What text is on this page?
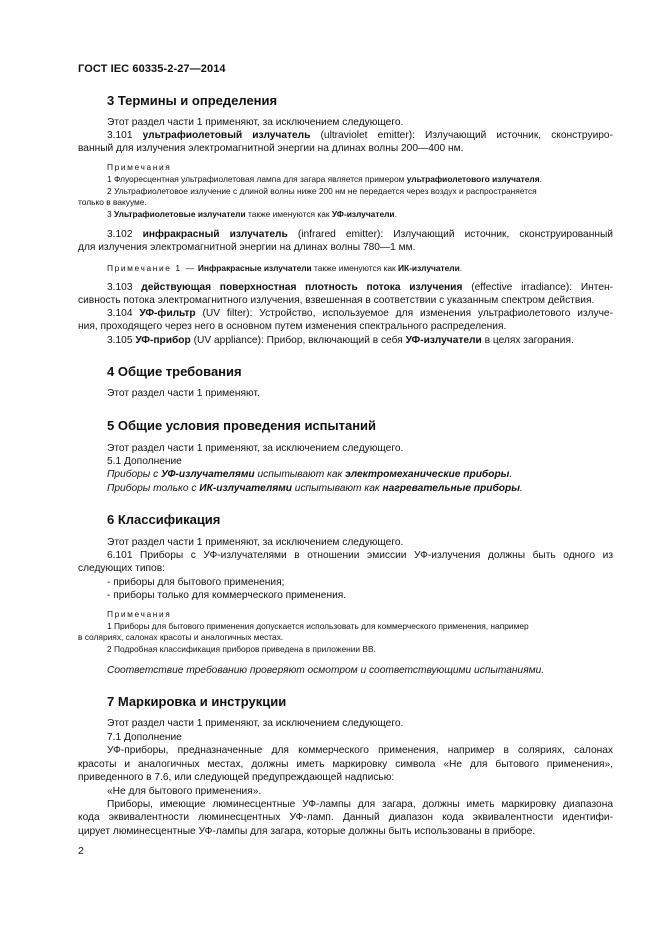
ГОСТ IEC 60335-2-27—2014
3 Термины и определения
Этот раздел части 1 применяют, за исключением следующего.
3.101 ультрафиолетовый излучатель (ultraviolet emitter): Излучающий источник, сконструиро-
ванный для излучения электромагнитной энергии на длинах волны 200—400 нм.
Примечания
1 Флуоресцентная ультрафиолетовая лампа для загара является примером ультрафиолетового излучателя.
2 Ультрафиолетовое излучение с длиной волны ниже 200 нм не передается через воздух и распространяется
только в вакууме.
3 Ультрафиолетовые излучатели также именуются как УФ-излучатели.
3.102 инфракрасный излучатель (infrared emitter): Излучающий источник, сконструированный
для излучения электромагнитной энергии на длинах волны 780—1 мм.
Примечание 1 — Инфракрасные излучатели также именуются как ИК-излучатели.
3.103 действующая поверхностная плотность потока излучения (effective irradiance): Интен-
сивность потока электромагнитного излучения, взвешенная в соответствии с указанным спектром действия.
3.104 УФ-фильтр (UV filter): Устройство, используемое для изменения ультрафиолетового излуче-
ния, проходящего через него в основном путем изменения спектрального распределения.
3.105 УФ-прибор (UV appliance): Прибор, включающий в себя УФ-излучатели в целях загорания.
4 Общие требования
Этот раздел части 1 применяют.
5 Общие условия проведения испытаний
Этот раздел части 1 применяют, за исключением следующего.
5.1 Дополнение
Приборы с УФ-излучателями испытывают как электромеханические приборы.
Приборы только с ИК-излучателями испытывают как нагревательные приборы.
6 Классификация
Этот раздел части 1 применяют, за исключением следующего.
6.101 Приборы с УФ-излучателями в отношении эмиссии УФ-излучения должны быть одного из
следующих типов:
- приборы для бытового применения;
- приборы только для коммерческого применения.
Примечания
1 Приборы для бытового применения допускается использовать для коммерческого применения, например
в соляриях, салонах красоты и аналогичных местах.
2 Подробная классификация приборов приведена в приложении ВВ.
Соответствие требованию проверяют осмотром и соответствующими испытаниями.
7 Маркировка и инструкции
Этот раздел части 1 применяют, за исключением следующего.
7.1 Дополнение
УФ-приборы, предназначенные для коммерческого применения, например в соляриях, салонах
красоты и аналогичных местах, должны иметь маркировку символа «Не для бытового применения»,
приведенного в 7.6, или следующей предупреждающей надписью:
«Не для бытового применения».
Приборы, имеющие люминесцентные УФ-лампы для загара, должны иметь маркировку диапазона
кода эквивалентности люминесцентных УФ-ламп. Данный диапазон кода эквивалентности идентифи-
цирует люминесцентные УФ-лампы для загара, которые должны быть использованы в приборе.
2
